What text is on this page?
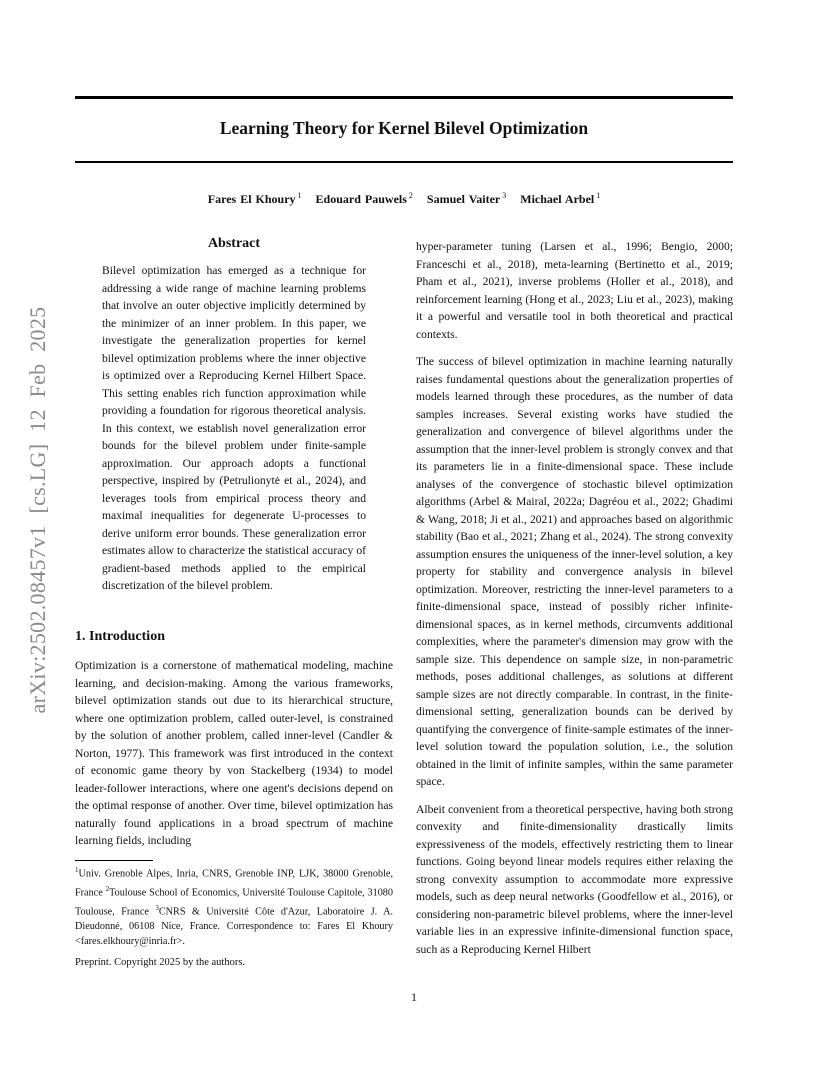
Learning Theory for Kernel Bilevel Optimization
Fares El Khoury $^1$ Edouard Pauwels $^2$ Samuel Vaiter $^3$ Michael Arbel $^1$
arXiv:2502.08457v1 [cs.LG] 12 Feb 2025
Abstract

Bilevel optimization has emerged as a technique for addressing a wide range of machine learning problems that involve an outer objective implicitly determined by the minimizer of an inner problem. In this paper, we investigate the generalization properties for kernel bilevel optimization problems where the inner objective is optimized over a Reproducing Kernel Hilbert Space. This setting enables rich function approximation while providing a foundation for rigorous theoretical analysis. In this context, we establish novel generalization error bounds for the bilevel problem under finite-sample approximation. Our approach adopts a functional perspective, inspired by (Petrulionytė et al., 2024), and leverages tools from empirical process theory and maximal inequalities for degenerate U-processes to derive uniform error bounds. These generalization error estimates allow to characterize the statistical accuracy of gradient-based methods applied to the empirical discretization of the bilevel problem.

1. Introduction

Optimization is a cornerstone of mathematical modeling, machine learning, and decision-making. Among the various frameworks, bilevel optimization stands out due to its hierarchical structure, where one optimization problem, called outer-level, is constrained by the solution of another problem, called inner-level (Candler & Norton, 1977). This framework was first introduced in the context of economic game theory by von Stackelberg (1934) to model leader-follower interactions, where one agent's decisions depend on the optimal response of another. Over time, bilevel optimization has naturally found applications in a broad spectrum of machine learning fields, including

$^1$Univ. Grenoble Alpes, Inria, CNRS, Grenoble INP, LJK, 38000 Grenoble, France $^2$Toulouse School of Economics, Université Toulouse Capitole, 31080 Toulouse, France $^3$CNRS & Université Côte d'Azur, Laboratoire J. A. Dieudonné, 06108 Nice, France. Correspondence to: Fares El Khoury <fares.elkhoury@inria.fr>.

Preprint. Copyright 2025 by the authors.

hyper-parameter tuning (Larsen et al., 1996; Bengio, 2000; Franceschi et al., 2018), meta-learning (Bertinetto et al., 2019; Pham et al., 2021), inverse problems (Holler et al., 2018), and reinforcement learning (Hong et al., 2023; Liu et al., 2023), making it a powerful and versatile tool in both theoretical and practical contexts.

The success of bilevel optimization in machine learning naturally raises fundamental questions about the generalization properties of models learned through these procedures, as the number of data samples increases. Several existing works have studied the generalization and convergence of bilevel algorithms under the assumption that the inner-level problem is strongly convex and that its parameters lie in a finite-dimensional space. These include analyses of the convergence of stochastic bilevel optimization algorithms (Arbel & Mairal, 2022a; Dagréou et al., 2022; Ghadimi & Wang, 2018; Ji et al., 2021) and approaches based on algorithmic stability (Bao et al., 2021; Zhang et al., 2024). The strong convexity assumption ensures the uniqueness of the inner-level solution, a key property for stability and convergence analysis in bilevel optimization. Moreover, restricting the inner-level parameters to a finite-dimensional space, instead of possibly richer infinite-dimensional spaces, as in kernel methods, circumvents additional complexities, where the parameter's dimension may grow with the sample size. This dependence on sample size, in non-parametric methods, poses additional challenges, as solutions at different sample sizes are not directly comparable. In contrast, in the finite-dimensional setting, generalization bounds can be derived by quantifying the convergence of finite-sample estimates of the inner-level solution toward the population solution, i.e., the solution obtained in the limit of infinite samples, within the same parameter space.

Albeit convenient from a theoretical perspective, having both strong convexity and finite-dimensionality drastically limits expressiveness of the models, effectively restricting them to linear functions. Going beyond linear models requires either relaxing the strong convexity assumption to accommodate more expressive models, such as deep neural networks (Goodfellow et al., 2016), or considering non-parametric bilevel problems, where the inner-level variable lies in an expressive infinite-dimensional function space, such as a Reproducing Kernel Hilbert

1
